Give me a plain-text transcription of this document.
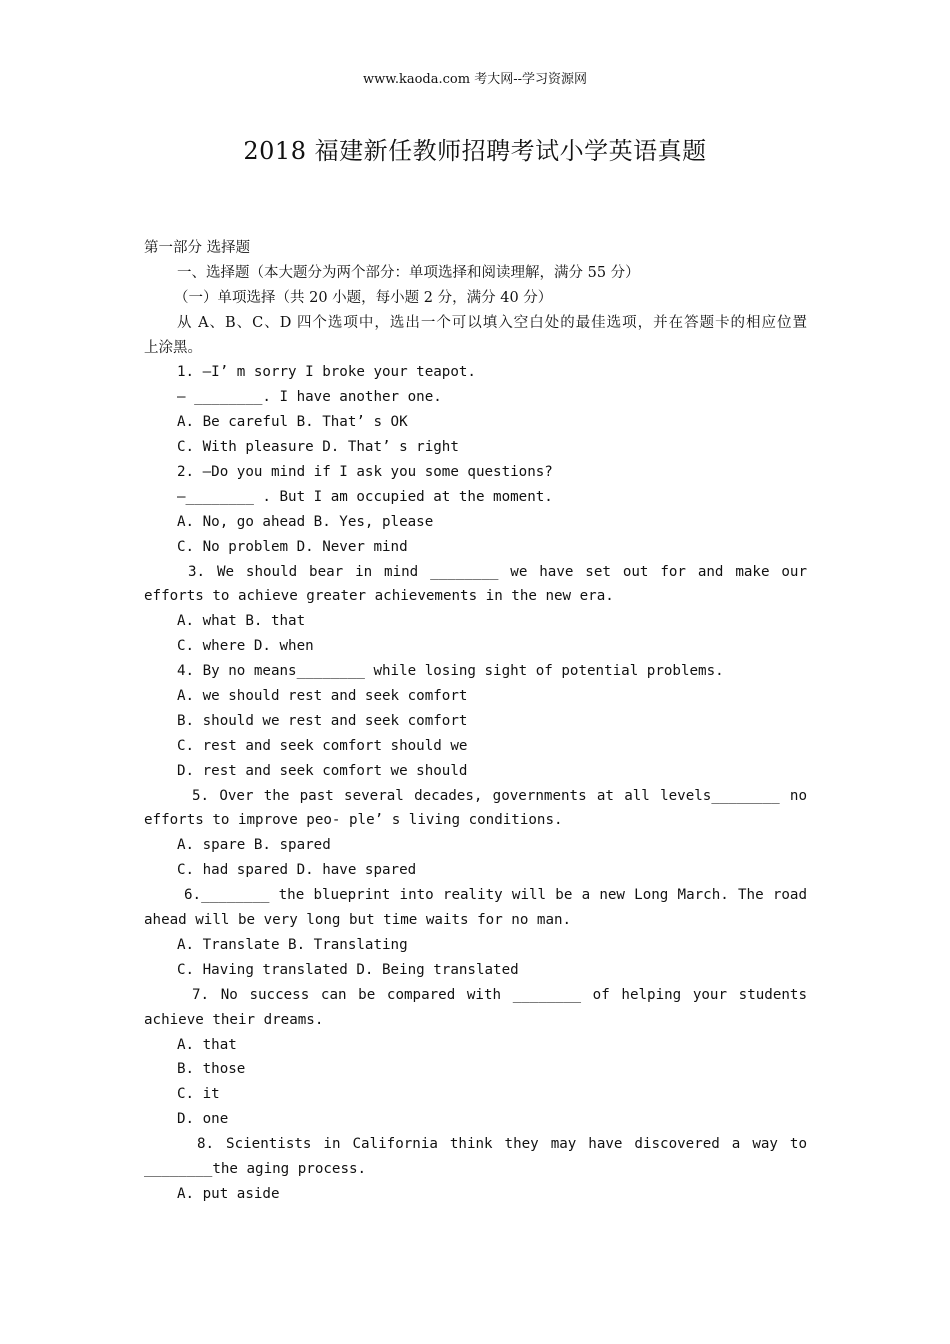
www.kaoda.com 考大网--学习资源网
2018 福建新任教师招聘考试小学英语真题
第一部分 选择题
一、选择题（本大题分为两个部分：单项选择和阅读理解，满分 55 分）
（一）单项选择（共 20 小题，每小题 2 分，满分 40 分）
从 A、B、C、D 四个选项中，选出一个可以填入空白处的最佳选项，并在答题卡的相应位置
上涂黑。
1. —I’ m sorry I broke your teapot.
— ________. I have another one.
A. Be careful B. That’ s OK
C. With pleasure D. That’ s right
2. —Do you mind if I ask you some questions?
—________ . But I am occupied at the moment.
A. No, go ahead B. Yes, please
C. No problem D. Never mind
3. We should bear in mind ________ we have set out for and make our
efforts to achieve greater achievements in the new era.
A. what B. that
C. where D. when
4. By no means________ while losing sight of potential problems.
A. we should rest and seek comfort
B. should we rest and seek comfort
C. rest and seek comfort should we
D. rest and seek comfort we should
5. Over the past several decades, governments at all levels________ no
efforts to improve peo- ple’ s living conditions.
A. spare B. spared
C. had spared D. have spared
6.________ the blueprint into reality will be a new Long March. The road
ahead will be very long but time waits for no man.
A. Translate B. Translating
C. Having translated D. Being translated
7. No success can be compared with ________ of helping your students
achieve their dreams.
A. that
B. those
C. it
D. one
8. Scientists in California think they may have discovered a way to
________the aging process.
A. put aside
